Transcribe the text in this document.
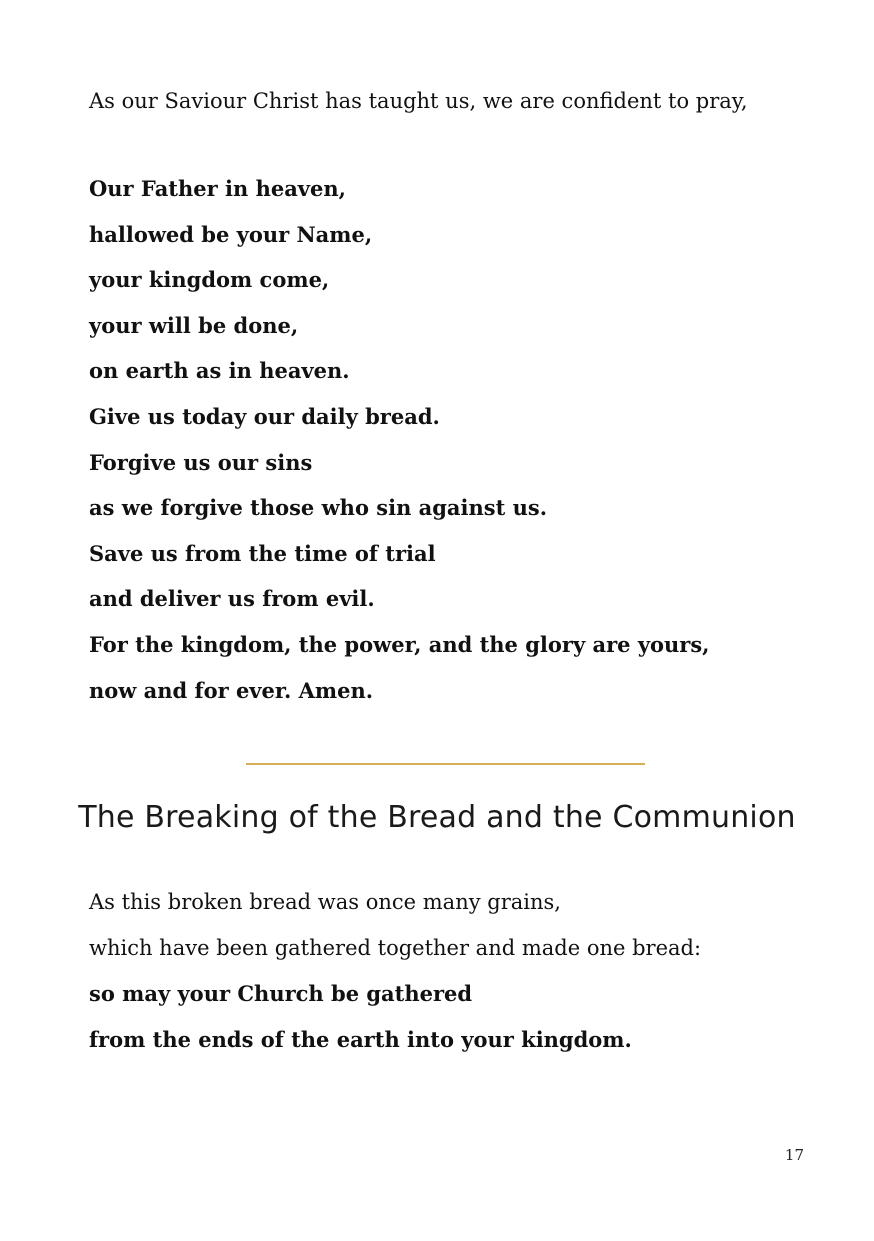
As our Saviour Christ has taught us, we are confident to pray,

Our Father in heaven,

hallowed be your Name,

your kingdom come,

your will be done,

on earth as in heaven.

Give us today our daily bread.

Forgive us our sins

as we forgive those who sin against us.

Save us from the time of trial

and deliver us from evil.

For the kingdom, the power, and the glory are yours,

now and for ever. Amen.

As this broken bread was once many grains,

which have been gathered together and made one bread:

so may your Church be gathered

from the ends of the earth into your kingdom.

The Breaking of the Bread and the Communion
17
